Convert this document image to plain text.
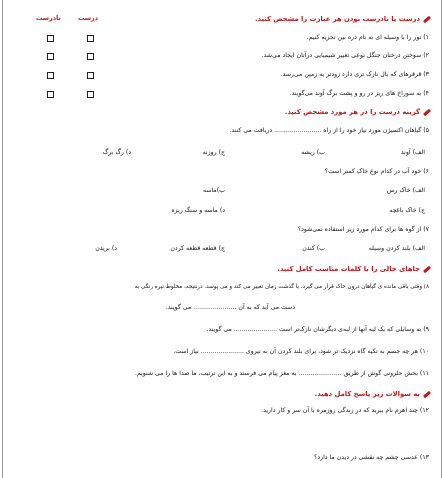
درست یا نادرست بودن هر عبارت را مشخص کنید.
درست
نادرست
۱) نور را با وسیله ای به نام ذره بین تجزیه کنیم.
۲) سوختن درختان جنگل نوعی تغییر شیمیایی درآنان ایجاد می‌شد.
۳) قرقرهای که بال نازک تری دارد زودتر به زمین می‌رسد.
۴) به سوراخ های ریز در رو و پشت برگ آوند می‌گویند.
گزینه درست را در هر مورد مشخص کنید.
۵) گیاهان اکسیژن مورد نیاز خود را از راه ........................ دریافت می کنند.
الف) آوند
ب) ریشه
ج) روزنه
د) رگ برگ
۶) خود آب در کدام نوع خاک کمتر است؟
الف) خاک رس
ب)ماسه
ج) خاک باغچه
د) ماسه و سنگ ریزه
۷) از گوه ها برای کدام مورد زیر استفاده نمی‌شود؟
الف) بلند کردن وسیله
ب) کندن
ج) قطعه قطعه کردن
د) بریدن
جاهای خالی را با کلمات مناسب کامل کنید.
۸) وقتی باقی مانده ی گیاهان درون خاک قرار می گیرد، با گذشت زمان تغییر می کند و می پوسد. درنتیجه، مخلوط تیره رنگی به
دست می آید که به آن ...................... می گویند.
۹) به وسایلی که یک لبه آنها از لبه‌ی دیگرشان نازک‌تر است ...................... می گویند.
۱۰) هر چه جسم به تکیه گاه نزدیک تر شود، برای بلند کردن آن به نیروی ...................... نیاز است.
۱۱) بخش حلزونی گوش از طریق ...................... به مغز پیام می فرستد و به این ترتیب، ما صدا ها را می شنویم.
به سوالات زیر پاسخ کامل دهید.
۱۲) چند اهرم نام ببرید که در زندگی روزمره با آن سر و کار دارید.
۱۳) عدسی چشم چه نقشی در دیدن ما دارد؟
